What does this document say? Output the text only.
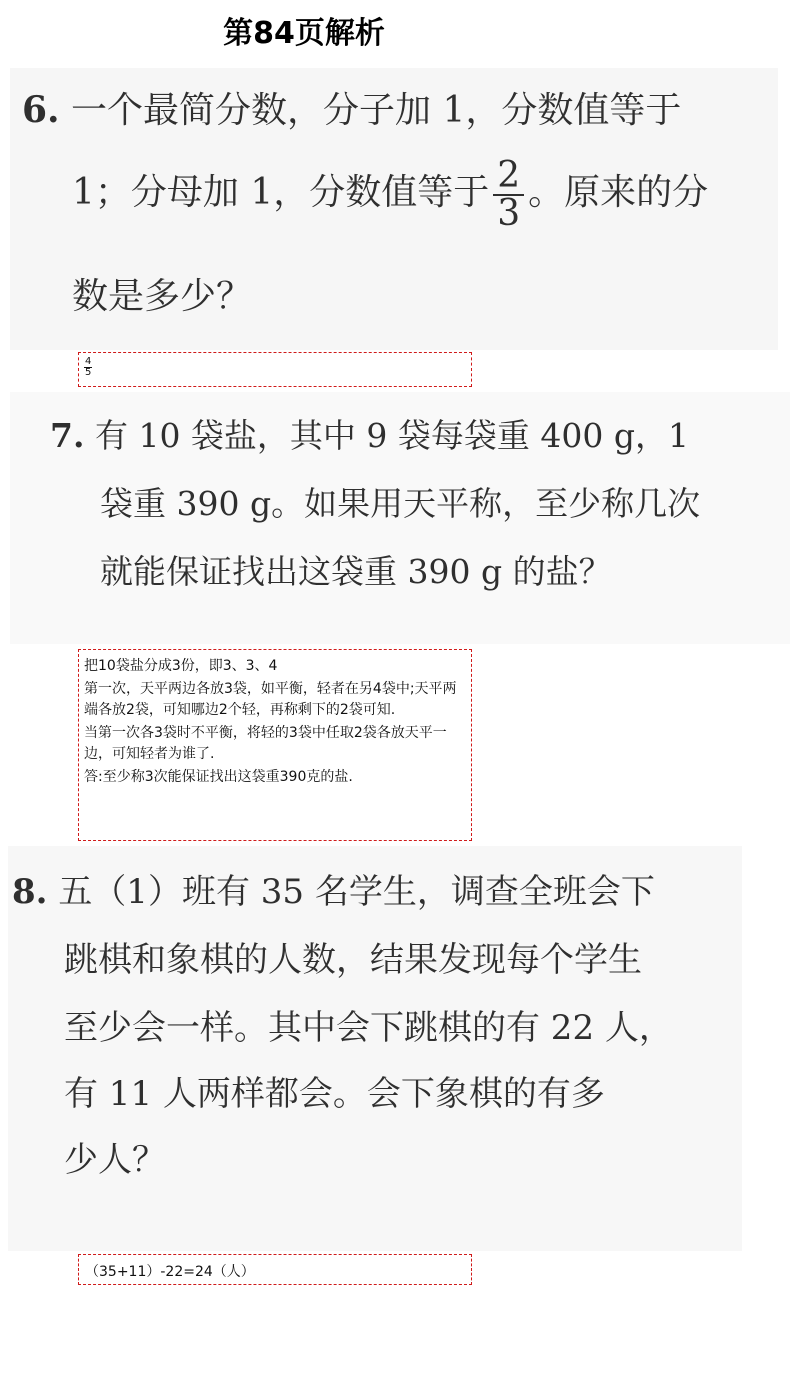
第84页解析
6. 一个最简分数，分子加 1，分数值等于
1；分母加 1，分数值等于 $\frac{2}{3}$ 。原来的分
数是多少？
$\frac{4}{5}$
7. 有 10 袋盐，其中 9 袋每袋重 400 g，1
袋重 390 g。如果用天平称，至少称几次
就能保证找出这袋重 390 g 的盐？

把10袋盐分成3份，即3、3、4

第一次，天平两边各放3袋，如平衡，轻者在另4袋中;天平两端各放2袋，可知哪边2个轻，再称剩下的2袋可知.

当第一次各3袋时不平衡，将轻的3袋中任取2袋各放天平一边，可知轻者为谁了.

答:至少称3次能保证找出这袋重390克的盐.

8. 五（1）班有 35 名学生，调查全班会下
跳棋和象棋的人数，结果发现每个学生
至少会一样。其中会下跳棋的有 22 人，
有 11 人两样都会。会下象棋的有多
少人？
（35+11）-22=24（人）
